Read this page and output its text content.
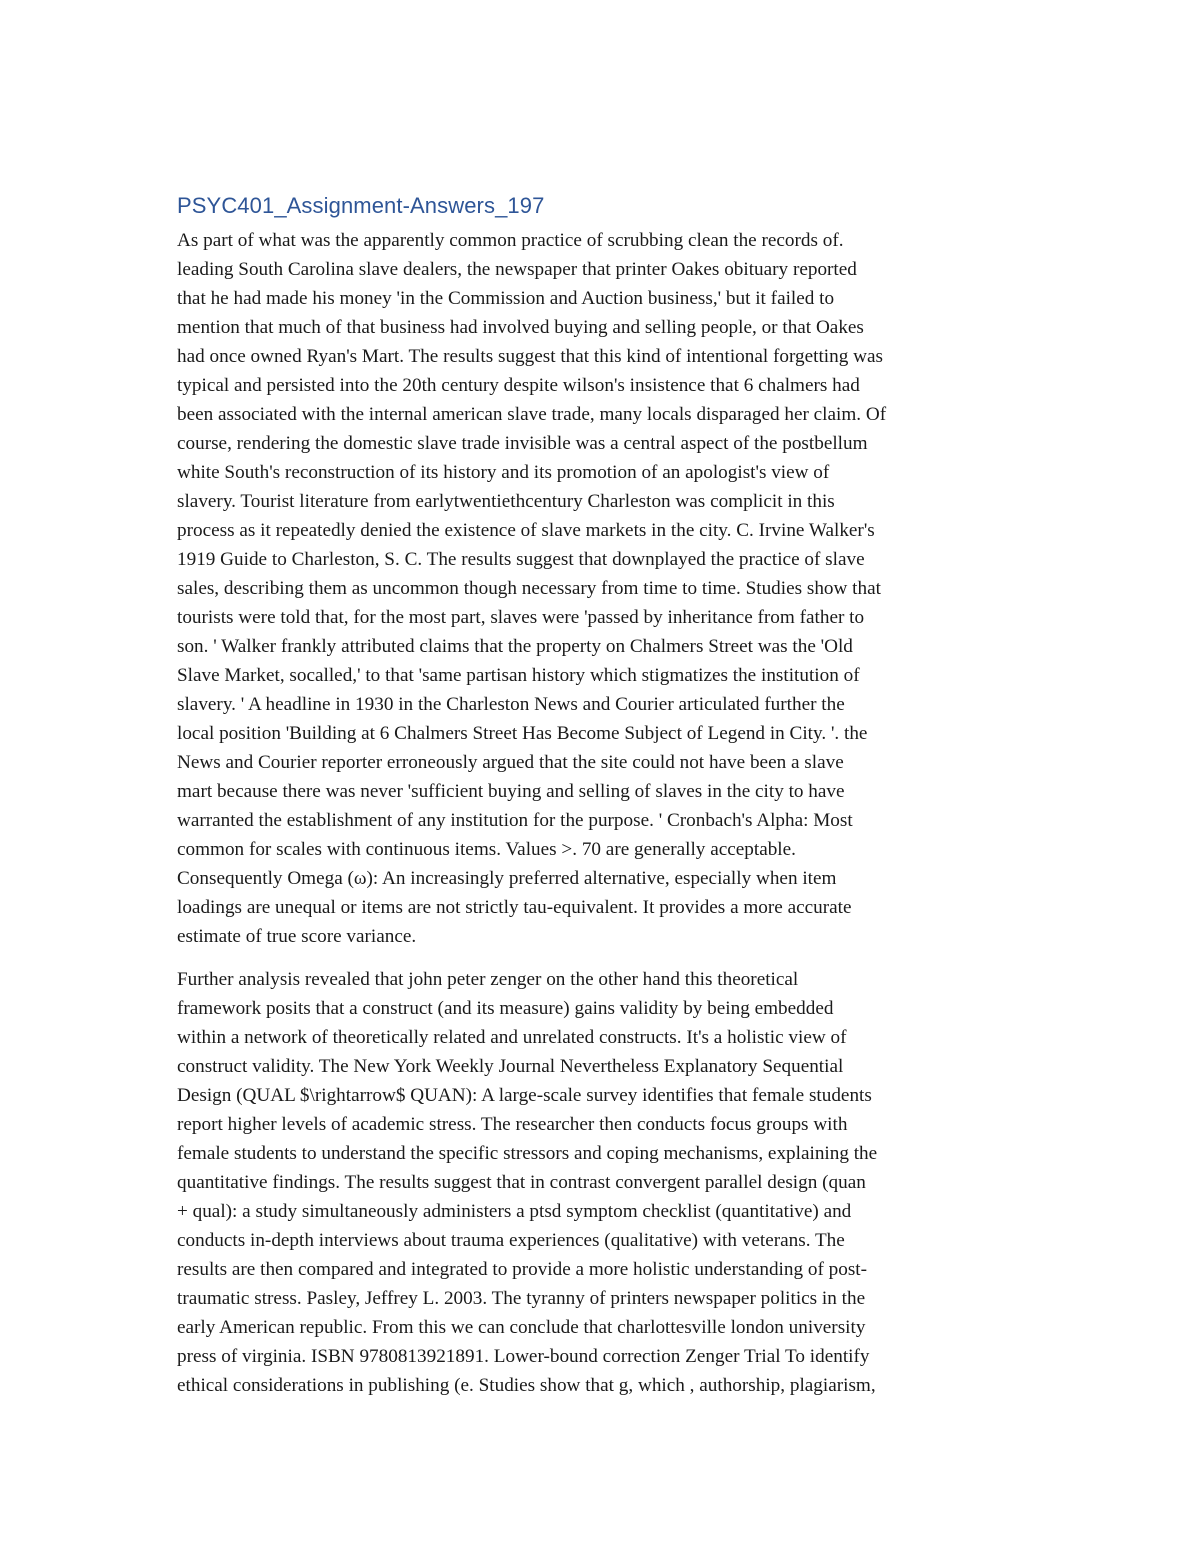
PSYC401_Assignment-Answers_197

As part of what was the apparently common practice of scrubbing clean the records of.
leading South Carolina slave dealers, the newspaper that printer Oakes obituary reported
that he had made his money 'in the Commission and Auction business,' but it failed to
mention that much of that business had involved buying and selling people, or that Oakes
had once owned Ryan's Mart. The results suggest that this kind of intentional forgetting was
typical and persisted into the 20th century despite wilson's insistence that 6 chalmers had
been associated with the internal american slave trade, many locals disparaged her claim. Of
course, rendering the domestic slave trade invisible was a central aspect of the postbellum
white South's reconstruction of its history and its promotion of an apologist's view of
slavery. Tourist literature from earlytwentiethcentury Charleston was complicit in this
process as it repeatedly denied the existence of slave markets in the city. C. Irvine Walker's
1919 Guide to Charleston, S. C. The results suggest that downplayed the practice of slave
sales, describing them as uncommon though necessary from time to time. Studies show that
tourists were told that, for the most part, slaves were 'passed by inheritance from father to
son. ' Walker frankly attributed claims that the property on Chalmers Street was the 'Old
Slave Market, socalled,' to that 'same partisan history which stigmatizes the institution of
slavery. ' A headline in 1930 in the Charleston News and Courier articulated further the
local position 'Building at 6 Chalmers Street Has Become Subject of Legend in City. '. the
News and Courier reporter erroneously argued that the site could not have been a slave
mart because there was never 'sufficient buying and selling of slaves in the city to have
warranted the establishment of any institution for the purpose. ' Cronbach's Alpha: Most
common for scales with continuous items. Values >. 70 are generally acceptable.
Consequently Omega (ω): An increasingly preferred alternative, especially when item
loadings are unequal or items are not strictly tau-equivalent. It provides a more accurate
estimate of true score variance.

Further analysis revealed that john peter zenger on the other hand this theoretical
framework posits that a construct (and its measure) gains validity by being embedded
within a network of theoretically related and unrelated constructs. It's a holistic view of
construct validity. The New York Weekly Journal Nevertheless Explanatory Sequential
Design (QUAL $\rightarrow$ QUAN): A large-scale survey identifies that female students
report higher levels of academic stress. The researcher then conducts focus groups with
female students to understand the specific stressors and coping mechanisms, explaining the
quantitative findings. The results suggest that in contrast convergent parallel design (quan
+ qual): a study simultaneously administers a ptsd symptom checklist (quantitative) and
conducts in-depth interviews about trauma experiences (qualitative) with veterans. The
results are then compared and integrated to provide a more holistic understanding of post-
traumatic stress. Pasley, Jeffrey L. 2003. The tyranny of printers newspaper politics in the
early American republic. From this we can conclude that charlottesville london university
press of virginia. ISBN 9780813921891. Lower-bound correction Zenger Trial To identify
ethical considerations in publishing (e. Studies show that g, which , authorship, plagiarism,
